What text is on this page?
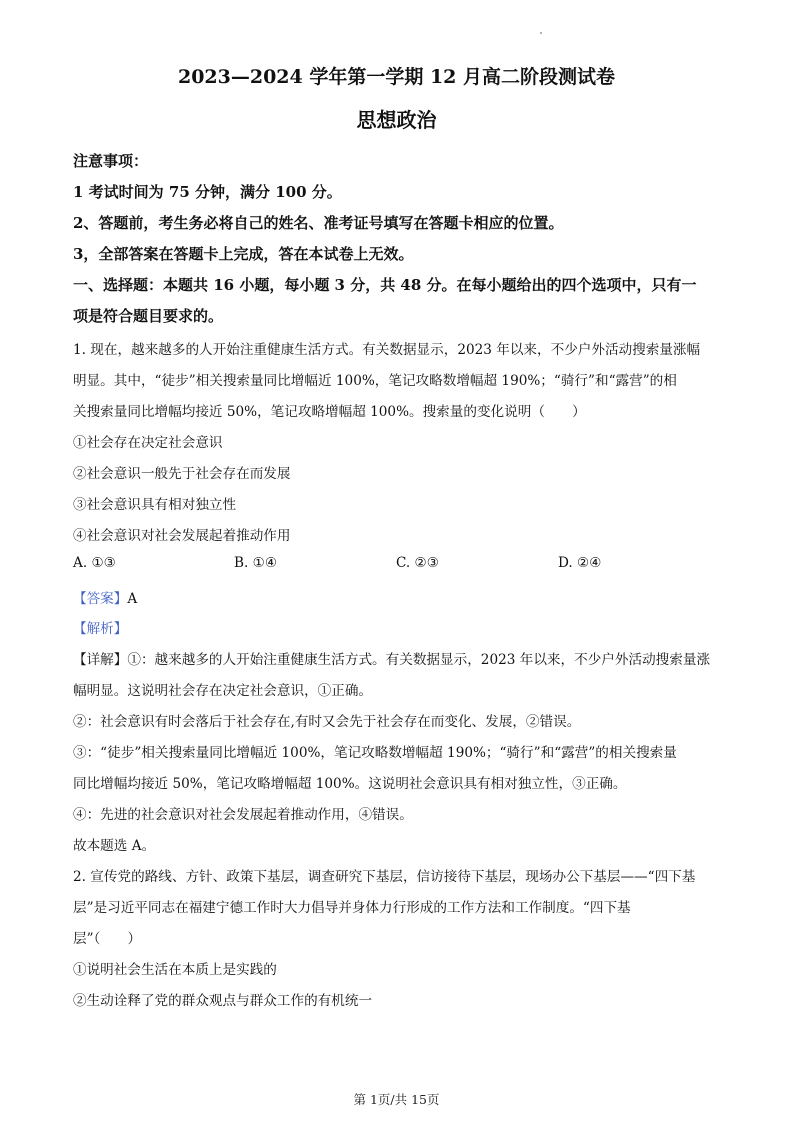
2023—2024 学年第一学期 12 月高二阶段测试卷
思想政治
注意事项：
1 考试时间为 75 分钟，满分 100 分。
2、答题前，考生务必将自己的姓名、准考证号填写在答题卡相应的位置。
3，全部答案在答题卡上完成，答在本试卷上无效。
一、选择题：本题共 16 小题，每小题 3 分，共 48 分。在每小题给出的四个选项中，只有一
项是符合题目要求的。
1. 现在，越来越多的人开始注重健康生活方式。有关数据显示，2023 年以来，不少户外活动搜索量涨幅
明显。其中，“徒步”相关搜索量同比增幅近 100%，笔记攻略数增幅超 190%；“骑行”和“露营”的相
关搜索量同比增幅均接近 50%，笔记攻略增幅超 100%。搜索量的变化说明（　　）
①社会存在决定社会意识
②社会意识一般先于社会存在而发展
③社会意识具有相对独立性
④社会意识对社会发展起着推动作用
A. ①③	B. ①④	C. ②③	D. ②④
【答案】A
【解析】
【详解】①：越来越多的人开始注重健康生活方式。有关数据显示，2023 年以来，不少户外活动搜索量涨
幅明显。这说明社会存在决定社会意识，①正确。
②：社会意识有时会落后于社会存在,有时又会先于社会存在而变化、发展，②错误。
③：“徒步”相关搜索量同比增幅近 100%，笔记攻略数增幅超 190%；“骑行”和“露营”的相关搜索量
同比增幅均接近 50%，笔记攻略增幅超 100%。这说明社会意识具有相对独立性，③正确。
④：先进的社会意识对社会发展起着推动作用，④错误。
故本题选 A。
2. 宣传党的路线、方针、政策下基层，调查研究下基层，信访接待下基层，现场办公下基层——“四下基
层”是习近平同志在福建宁德工作时大力倡导并身体力行形成的工作方法和工作制度。“四下基
层”（　　）
①说明社会生活在本质上是实践的
②生动诠释了党的群众观点与群众工作的有机统一
第 1页/共 15页
